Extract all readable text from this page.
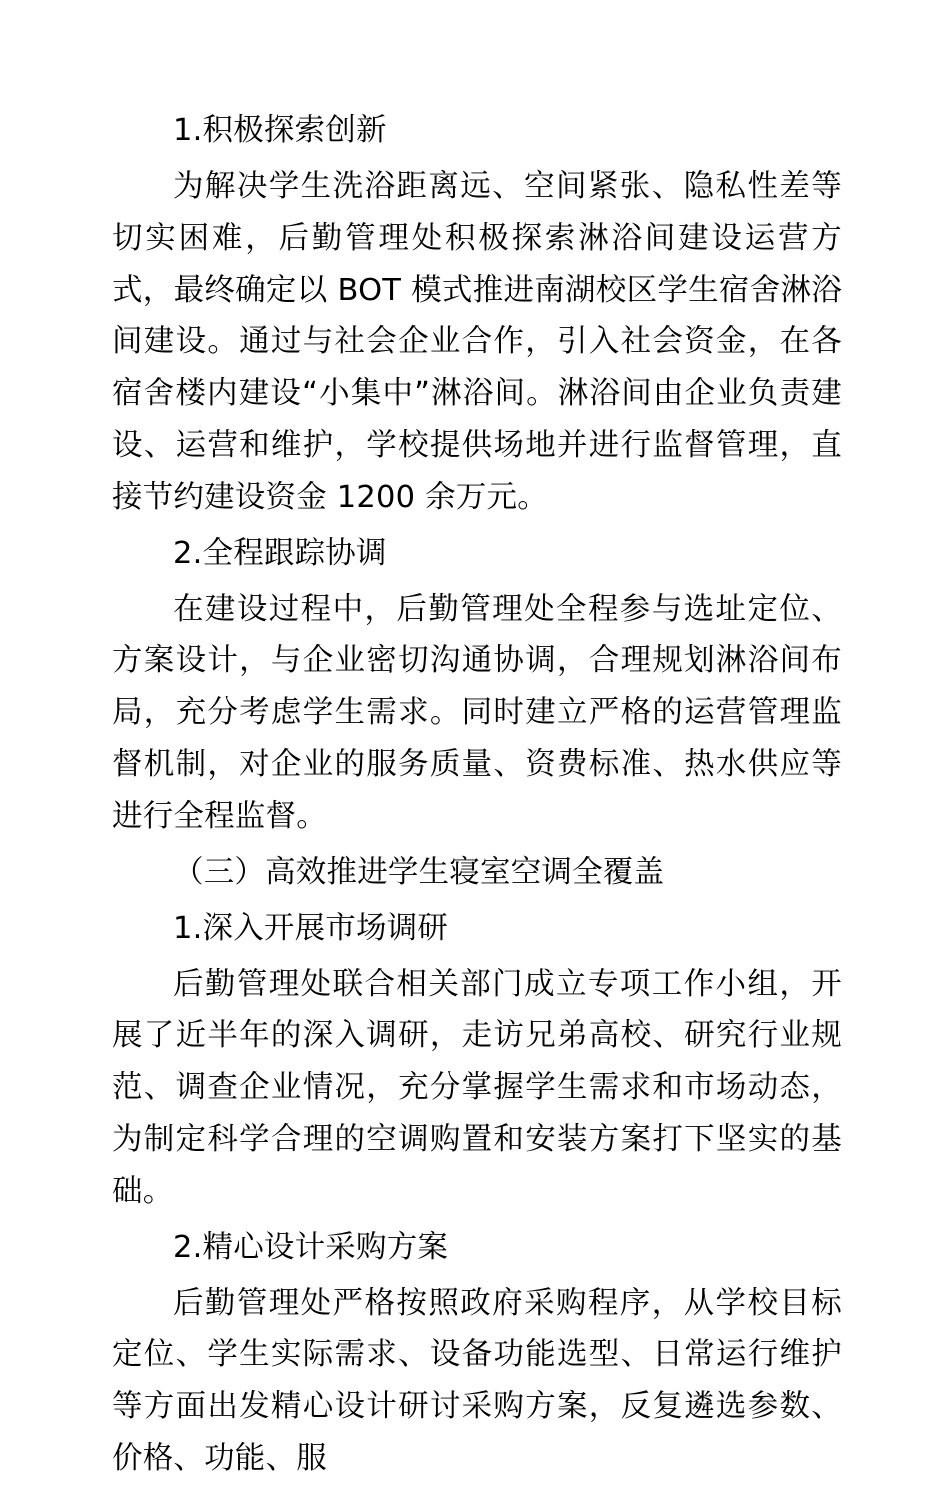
1.积极探索创新

为解决学生洗浴距离远、空间紧张、隐私性差等切实困难，后勤管理处积极探索淋浴间建设运营方式，最终确定以 BOT 模式推进南湖校区学生宿舍淋浴间建设。通过与社会企业合作，引入社会资金，在各宿舍楼内建设“小集中”淋浴间。淋浴间由企业负责建设、运营和维护，学校提供场地并进行监督管理，直接节约建设资金 1200 余万元。

2.全程跟踪协调

在建设过程中，后勤管理处全程参与选址定位、方案设计，与企业密切沟通协调，合理规划淋浴间布局，充分考虑学生需求。同时建立严格的运营管理监督机制，对企业的服务质量、资费标准、热水供应等进行全程监督。

（三）高效推进学生寝室空调全覆盖

1.深入开展市场调研

后勤管理处联合相关部门成立专项工作小组，开展了近半年的深入调研，走访兄弟高校、研究行业规范、调查企业情况，充分掌握学生需求和市场动态，为制定科学合理的空调购置和安装方案打下坚实的基础。

2.精心设计采购方案

后勤管理处严格按照政府采购程序，从学校目标定位、学生实际需求、设备功能选型、日常运行维护等方面出发精心设计研讨采购方案，反复遴选参数、价格、功能、服
